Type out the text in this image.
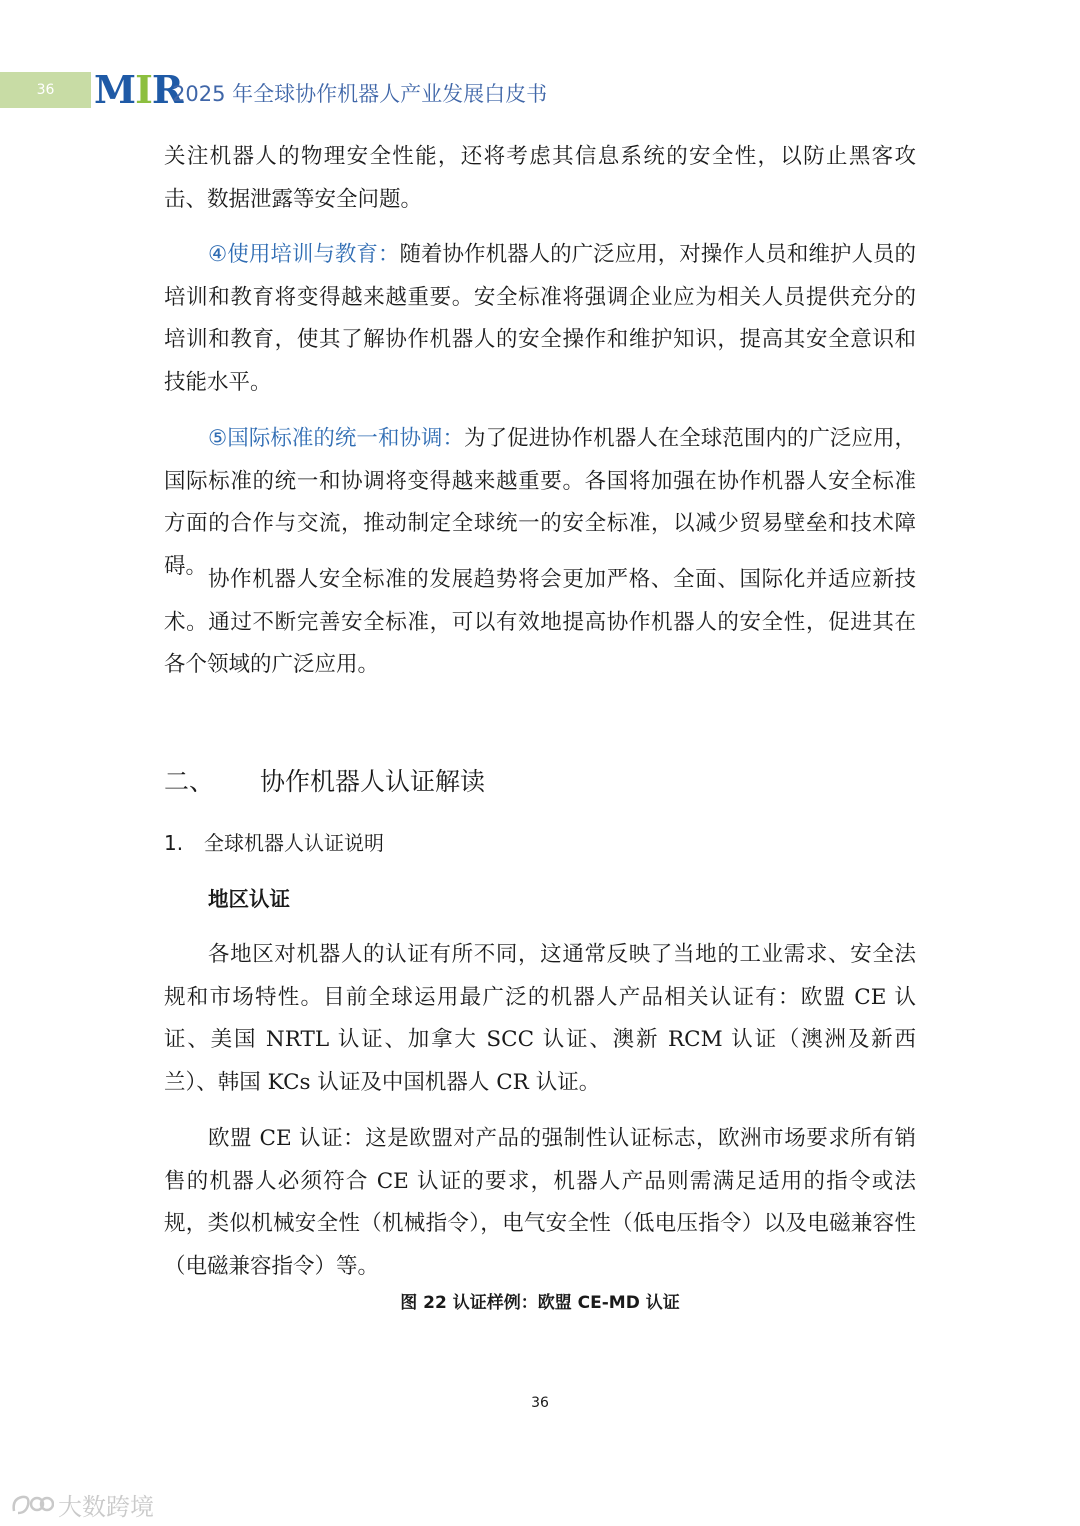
36	MIR
2025 年全球协作机器人产业发展白皮书

关注机器人的物理安全性能，还将考虑其信息系统的安全性，以防止黑客攻击、数据泄露等安全问题。

④使用培训与教育：随着协作机器人的广泛应用，对操作人员和维护人员的培训和教育将变得越来越重要。安全标准将强调企业应为相关人员提供充分的培训和教育，使其了解协作机器人的安全操作和维护知识，提高其安全意识和技能水平。

⑤国际标准的统一和协调：为了促进协作机器人在全球范围内的广泛应用，国际标准的统一和协调将变得越来越重要。各国将加强在协作机器人安全标准方面的合作与交流，推动制定全球统一的安全标准，以减少贸易壁垒和技术障碍。

协作机器人安全标准的发展趋势将会更加严格、全面、国际化并适应新技术。通过不断完善安全标准，可以有效地提高协作机器人的安全性，促进其在各个领域的广泛应用。

二、 协作机器人认证解读
1. 全球机器人认证说明
地区认证

各地区对机器人的认证有所不同，这通常反映了当地的工业需求、安全法规和市场特性。目前全球运用最广泛的机器人产品相关认证有：欧盟 CE 认证、美国 NRTL 认证、加拿大 SCC 认证、澳新 RCM 认证（澳洲及新西兰）、韩国 KCs 认证及中国机器人 CR 认证。

欧盟 CE 认证：这是欧盟对产品的强制性认证标志，欧洲市场要求所有销售的机器人必须符合 CE 认证的要求，机器人产品则需满足适用的指令或法规，类似机械安全性（机械指令），电气安全性（低电压指令）以及电磁兼容性（电磁兼容指令）等。

图 22 认证样例：欧盟 CE-MD 认证
36
大数跨境
